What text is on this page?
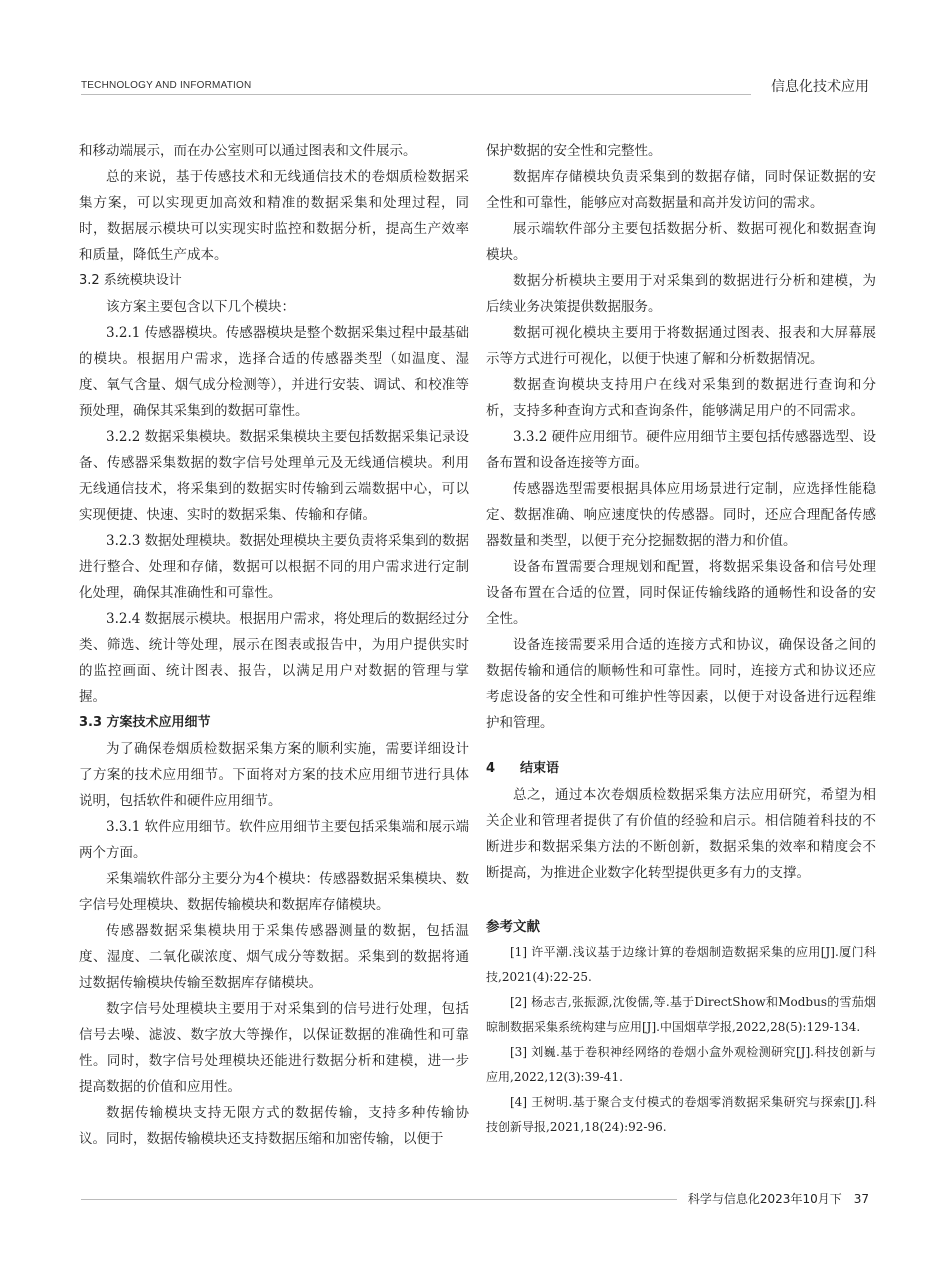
TECHNOLOGY AND INFORMATION	信息化技术应用

和移动端展示，而在办公室则可以通过图表和文件展示。

总的来说，基于传感技术和无线通信技术的卷烟质检数据采集方案，可以实现更加高效和精准的数据采集和处理过程，同时，数据展示模块可以实现实时监控和数据分析，提高生产效率和质量，降低生产成本。

3.2 系统模块设计

该方案主要包含以下几个模块：

3.2.1 传感器模块。传感器模块是整个数据采集过程中最基础的模块。根据用户需求，选择合适的传感器类型（如温度、湿度、氧气含量、烟气成分检测等），并进行安装、调试、和校准等预处理，确保其采集到的数据可靠性。

3.2.2 数据采集模块。数据采集模块主要包括数据采集记录设备、传感器采集数据的数字信号处理单元及无线通信模块。利用无线通信技术，将采集到的数据实时传输到云端数据中心，可以实现便捷、快速、实时的数据采集、传输和存储。

3.2.3 数据处理模块。数据处理模块主要负责将采集到的数据进行整合、处理和存储，数据可以根据不同的用户需求进行定制化处理，确保其准确性和可靠性。

3.2.4 数据展示模块。根据用户需求，将处理后的数据经过分类、筛选、统计等处理，展示在图表或报告中，为用户提供实时的监控画面、统计图表、报告，以满足用户对数据的管理与掌握。

3.3 方案技术应用细节

为了确保卷烟质检数据采集方案的顺利实施，需要详细设计了方案的技术应用细节。下面将对方案的技术应用细节进行具体说明，包括软件和硬件应用细节。

3.3.1 软件应用细节。软件应用细节主要包括采集端和展示端两个方面。

采集端软件部分主要分为4个模块：传感器数据采集模块、数字信号处理模块、数据传输模块和数据库存储模块。

传感器数据采集模块用于采集传感器测量的数据，包括温度、湿度、二氧化碳浓度、烟气成分等数据。采集到的数据将通过数据传输模块传输至数据库存储模块。

数字信号处理模块主要用于对采集到的信号进行处理，包括信号去噪、滤波、数字放大等操作，以保证数据的准确性和可靠性。同时，数字信号处理模块还能进行数据分析和建模，进一步提高数据的价值和应用性。

数据传输模块支持无限方式的数据传输，支持多种传输协议。同时，数据传输模块还支持数据压缩和加密传输，以便于

保护数据的安全性和完整性。

数据库存储模块负责采集到的数据存储，同时保证数据的安全性和可靠性，能够应对高数据量和高并发访问的需求。

展示端软件部分主要包括数据分析、数据可视化和数据查询模块。

数据分析模块主要用于对采集到的数据进行分析和建模，为后续业务决策提供数据服务。

数据可视化模块主要用于将数据通过图表、报表和大屏幕展示等方式进行可视化，以便于快速了解和分析数据情况。

数据查询模块支持用户在线对采集到的数据进行查询和分析，支持多种查询方式和查询条件，能够满足用户的不同需求。

3.3.2 硬件应用细节。硬件应用细节主要包括传感器选型、设备布置和设备连接等方面。

传感器选型需要根据具体应用场景进行定制，应选择性能稳定、数据准确、响应速度快的传感器。同时，还应合理配备传感器数量和类型，以便于充分挖掘数据的潜力和价值。

设备布置需要合理规划和配置，将数据采集设备和信号处理设备布置在合适的位置，同时保证传输线路的通畅性和设备的安全性。

设备连接需要采用合适的连接方式和协议，确保设备之间的数据传输和通信的顺畅性和可靠性。同时，连接方式和协议还应考虑设备的安全性和可维护性等因素，以便于对设备进行远程维护和管理。

4 结束语

总之，通过本次卷烟质检数据采集方法应用研究，希望为相关企业和管理者提供了有价值的经验和启示。相信随着科技的不断进步和数据采集方法的不断创新，数据采集的效率和精度会不断提高，为推进企业数字化转型提供更多有力的支撑。

参考文献

[1] 许平潮.浅议基于边缘计算的卷烟制造数据采集的应用[J].厦门科技,2021(4):22-25.

[2] 杨志吉,张振源,沈俊儒,等.基于DirectShow和Modbus的雪茄烟晾制数据采集系统构建与应用[J].中国烟草学报,2022,28(5):129-134.

[3] 刘巍.基于卷积神经网络的卷烟小盒外观检测研究[J].科技创新与应用,2022,12(3):39-41.

[4] 王树明.基于聚合支付模式的卷烟零消数据采集研究与探索[J].科技创新导报,2021,18(24):92-96.

科学与信息化2023年10月下 37
